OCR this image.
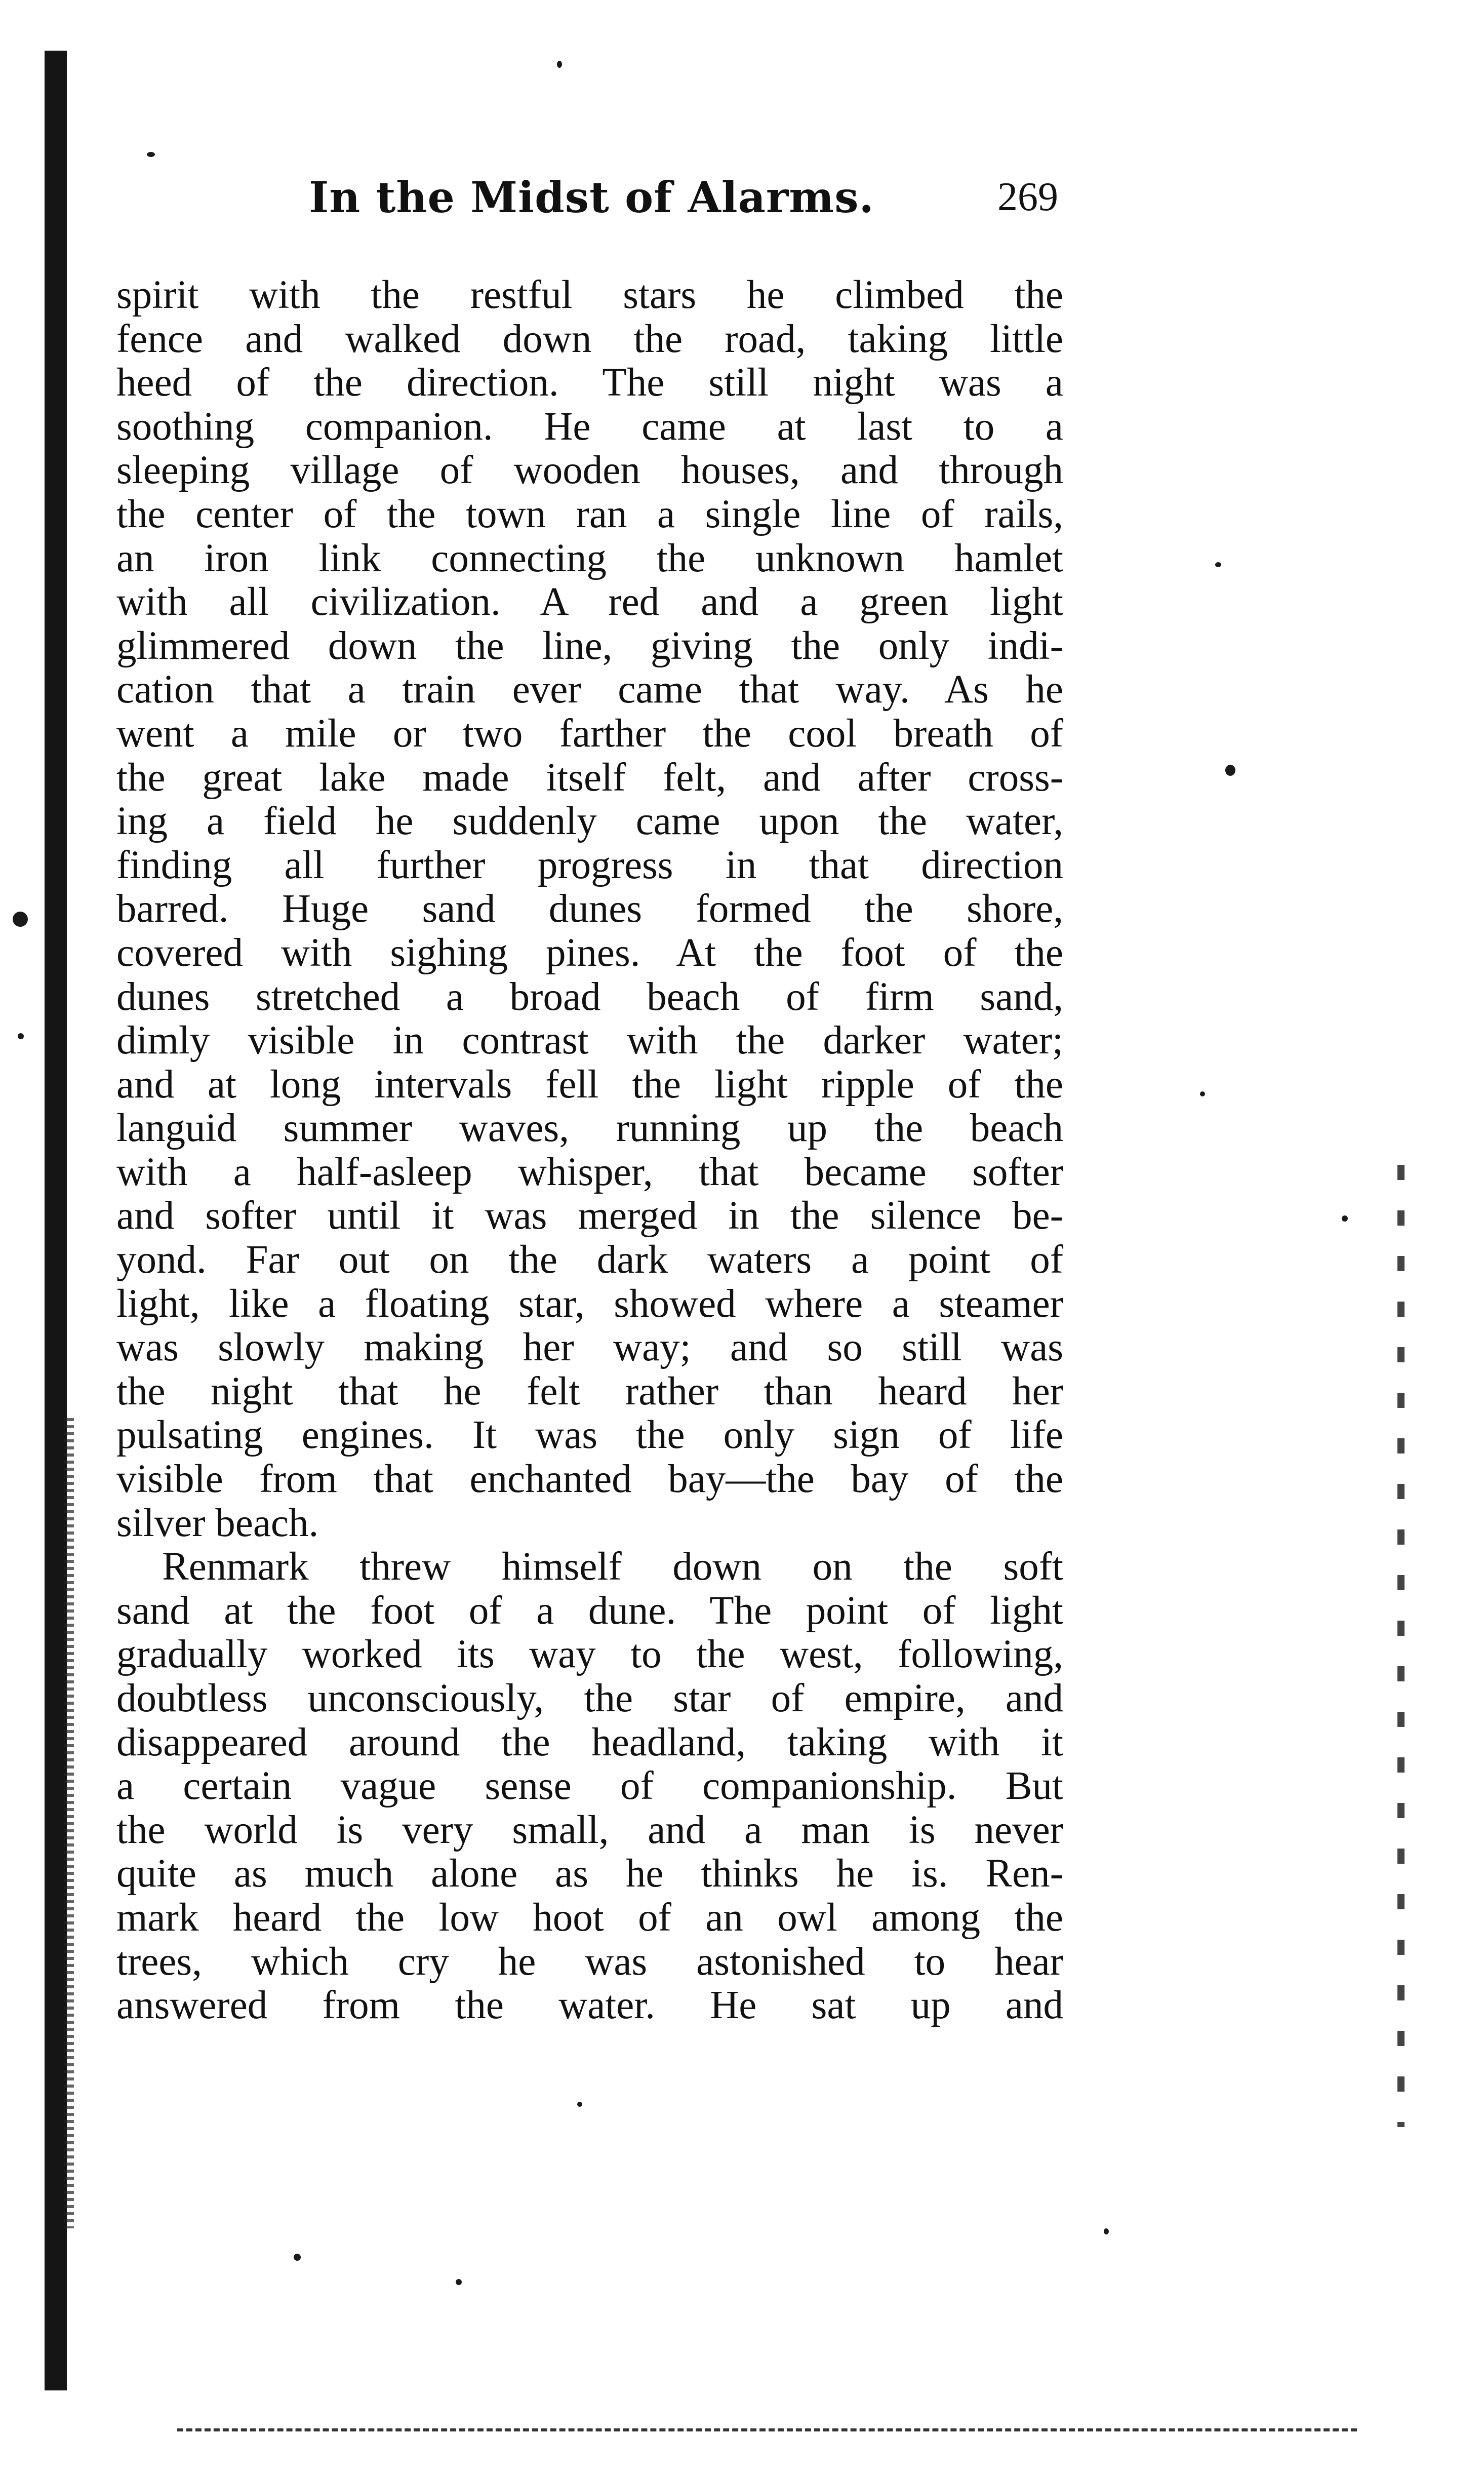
In the Midst of Alarms.	269
spirit with the restful stars he climbed the
fence and walked down the road, taking little
heed of the direction. The still night was a
soothing companion. He came at last to a
sleeping village of wooden houses, and through
the center of the town ran a single line of rails,
an iron link connecting the unknown hamlet
with all civilization. A red and a green light
glimmered down the line, giving the only indi-
cation that a train ever came that way. As he
went a mile or two farther the cool breath of
the great lake made itself felt, and after cross-
ing a field he suddenly came upon the water,
finding all further progress in that direction
barred. Huge sand dunes formed the shore,
covered with sighing pines. At the foot of the
dunes stretched a broad beach of firm sand,
dimly visible in contrast with the darker water;
and at long intervals fell the light ripple of the
languid summer waves, running up the beach
with a half-asleep whisper, that became softer
and softer until it was merged in the silence be-
yond. Far out on the dark waters a point of
light, like a floating star, showed where a steamer
was slowly making her way; and so still was
the night that he felt rather than heard her
pulsating engines. It was the only sign of life
visible from that enchanted bay—the bay of the
silver beach.
Renmark threw himself down on the soft
sand at the foot of a dune. The point of light
gradually worked its way to the west, following,
doubtless unconsciously, the star of empire, and
disappeared around the headland, taking with it
a certain vague sense of companionship. But
the world is very small, and a man is never
quite as much alone as he thinks he is. Ren-
mark heard the low hoot of an owl among the
trees, which cry he was astonished to hear
answered from the water. He sat up and
